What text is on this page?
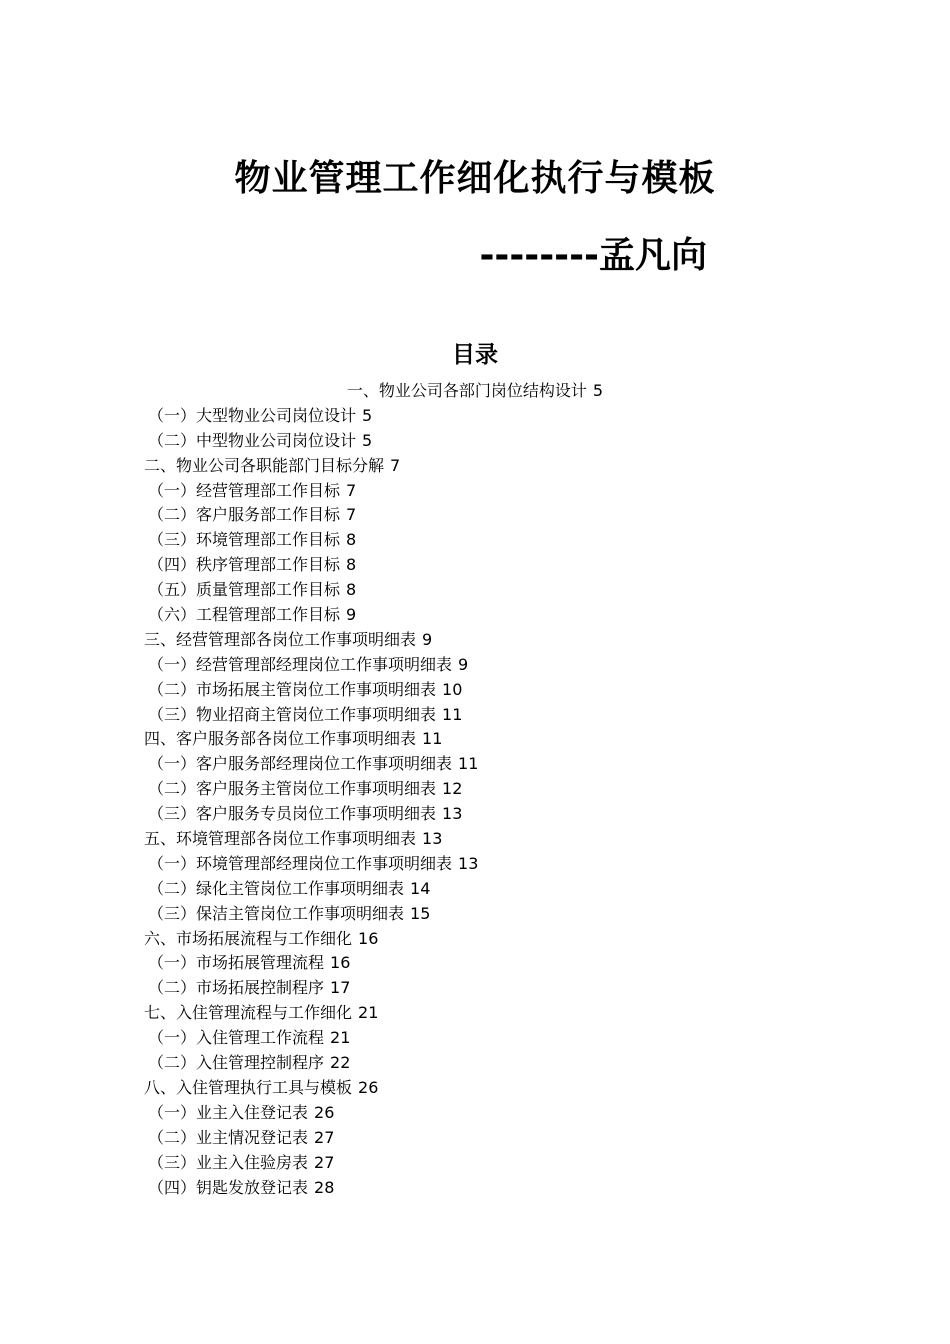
物业管理工作细化执行与模板
--------孟凡向
目录
一、物业公司各部门岗位结构设计 5
（一）大型物业公司岗位设计 5
（二）中型物业公司岗位设计 5
二、物业公司各职能部门目标分解 7
（一）经营管理部工作目标 7
（二）客户服务部工作目标 7
（三）环境管理部工作目标 8
（四）秩序管理部工作目标 8
（五）质量管理部工作目标 8
（六）工程管理部工作目标 9
三、经营管理部各岗位工作事项明细表 9
（一）经营管理部经理岗位工作事项明细表 9
（二）市场拓展主管岗位工作事项明细表 10
（三）物业招商主管岗位工作事项明细表 11
四、客户服务部各岗位工作事项明细表 11
（一）客户服务部经理岗位工作事项明细表 11
（二）客户服务主管岗位工作事项明细表 12
（三）客户服务专员岗位工作事项明细表 13
五、环境管理部各岗位工作事项明细表 13
（一）环境管理部经理岗位工作事项明细表 13
（二）绿化主管岗位工作事项明细表 14
（三）保洁主管岗位工作事项明细表 15
六、市场拓展流程与工作细化 16
（一）市场拓展管理流程 16
（二）市场拓展控制程序 17
七、入住管理流程与工作细化 21
（一）入住管理工作流程 21
（二）入住管理控制程序 22
八、入住管理执行工具与模板 26
（一）业主入住登记表 26
（二）业主情况登记表 27
（三）业主入住验房表 27
（四）钥匙发放登记表 28
